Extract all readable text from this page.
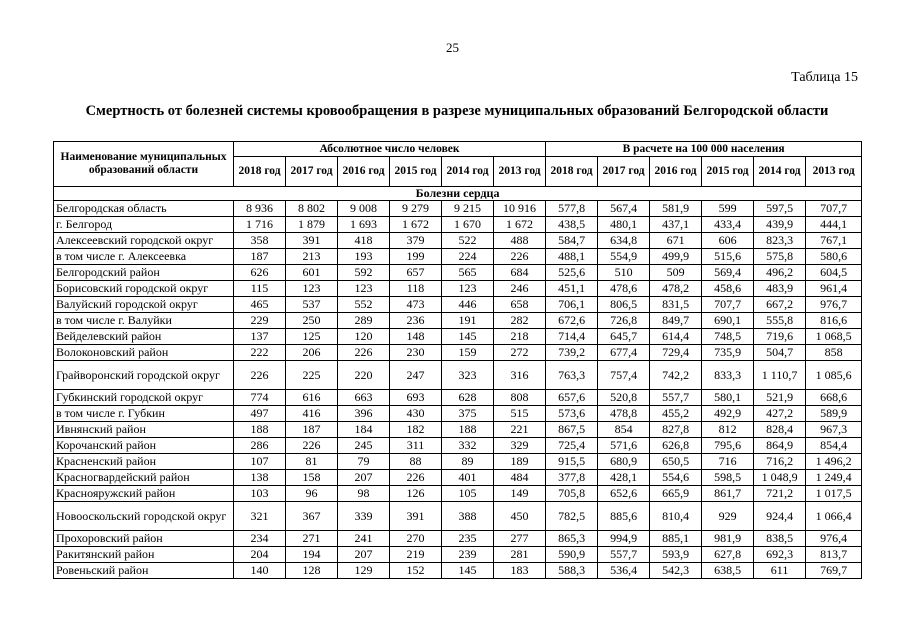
25
Таблица 15
Смертность от болезней системы кровообращения в разрезе муниципальных образований Белгородской области
Наименование муниципальных образований области	Абсолютное число человек						В расчете на 100 000 населения					
	2018 год	2017 год	2016 год	2015 год	2014 год	2013 год	2018 год	2017 год	2016 год	2015 год	2014 год	2013 год
Болезни сердца												
Белгородская область	8 936	8 802	9 008	9 279	9 215	10 916	577,8	567,4	581,9	599	597,5	707,7
г. Белгород	1 716	1 879	1 693	1 672	1 670	1 672	438,5	480,1	437,1	433,4	439,9	444,1
Алексеевский городской округ	358	391	418	379	522	488	584,7	634,8	671	606	823,3	767,1
в том числе г. Алексеевка	187	213	193	199	224	226	488,1	554,9	499,9	515,6	575,8	580,6
Белгородский район	626	601	592	657	565	684	525,6	510	509	569,4	496,2	604,5
Борисовский городской округ	115	123	123	118	123	246	451,1	478,6	478,2	458,6	483,9	961,4
Валуйский городской округ	465	537	552	473	446	658	706,1	806,5	831,5	707,7	667,2	976,7
в том числе г. Валуйки	229	250	289	236	191	282	672,6	726,8	849,7	690,1	555,8	816,6
Вейделевский район	137	125	120	148	145	218	714,4	645,7	614,4	748,5	719,6	1 068,5
Волоконовский район	222	206	226	230	159	272	739,2	677,4	729,4	735,9	504,7	858
Грайворонский городской округ	226	225	220	247	323	316	763,3	757,4	742,2	833,3	1 110,7	1 085,6
Губкинский городской округ	774	616	663	693	628	808	657,6	520,8	557,7	580,1	521,9	668,6
в том числе г. Губкин	497	416	396	430	375	515	573,6	478,8	455,2	492,9	427,2	589,9
Ивнянский район	188	187	184	182	188	221	867,5	854	827,8	812	828,4	967,3
Корочанский район	286	226	245	311	332	329	725,4	571,6	626,8	795,6	864,9	854,4
Красненский район	107	81	79	88	89	189	915,5	680,9	650,5	716	716,2	1 496,2
Красногвардейский район	138	158	207	226	401	484	377,8	428,1	554,6	598,5	1 048,9	1 249,4
Краснояружский район	103	96	98	126	105	149	705,8	652,6	665,9	861,7	721,2	1 017,5
Новооскольский городской округ	321	367	339	391	388	450	782,5	885,6	810,4	929	924,4	1 066,4
Прохоровский район	234	271	241	270	235	277	865,3	994,9	885,1	981,9	838,5	976,4
Ракитянский район	204	194	207	219	239	281	590,9	557,7	593,9	627,8	692,3	813,7
Ровеньский район	140	128	129	152	145	183	588,3	536,4	542,3	638,5	611	769,7
